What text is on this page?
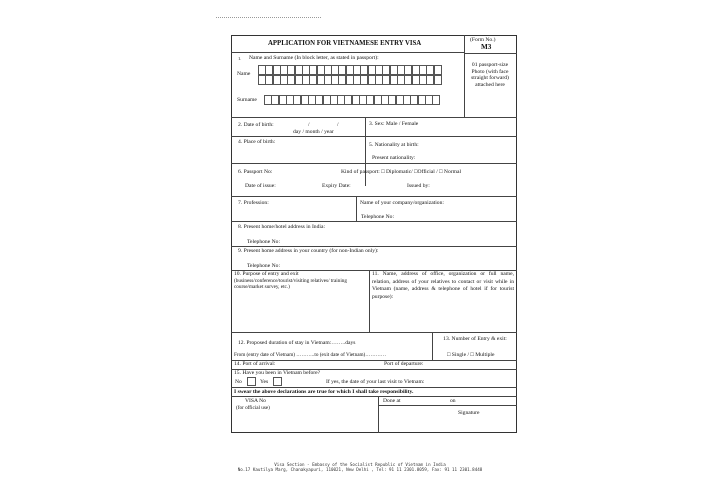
APPLICATION FOR VIETNAMESE ENTRY VISA	(Form No.)
M3
01 passport-size Photo (with face straight forward) attached here
1. Name and Surname (In block letter, as stated in passport):
Name
Surname
2. Date of birth:	/	/
day / month / year
3. Sex: Male / Female
4. Place of birth:	5. Nationality at birth:
Present nationality:
6. Passport No:	Kind of passport: □ Diplomatic/ □Official / □ Normal
Date of issue:	Expiry Date:	Issued by:
7. Profession:	Name of your company/organization:
Telephone No:
8. Present home/hotel address in India:
Telephone No:
9. Present home address in your country (for non-Indian only):
Telephone No:
10. Purpose of entry and exit
(business/conference/tourist/visiting relatives/ training course/market survey, etc.)
11. Name, address of office, organization or full name, relation, address of your relatives to contact or visit while in Vietnam (name, address & telephone of hotel if for tourist purpose):
12. Proposed duration of stay in Vietnam:……..days
From (entry date of Vietnam) ………..to (exit date of Vietnam)…………
13. Number of Entry & exit:
□ Single / □ Multiple
14. Port of arrival:	Port of departure:
15. Have you been in Vietnam before?
No	Yes	If yes, the date of your last visit to Vietnam:
I swear the above declarations are true for which I shall take responsibility.
VISA No
(for official use)
Done at	on
Signature
Visa Section - Embassy of the Socialist Republic of Vietnam in India
No.17 Kautilya Marg, Chanakyapuri, 110021, New Delhi , Tel: 91 11 2301.8059, Fax: 91 11 2301.8448
